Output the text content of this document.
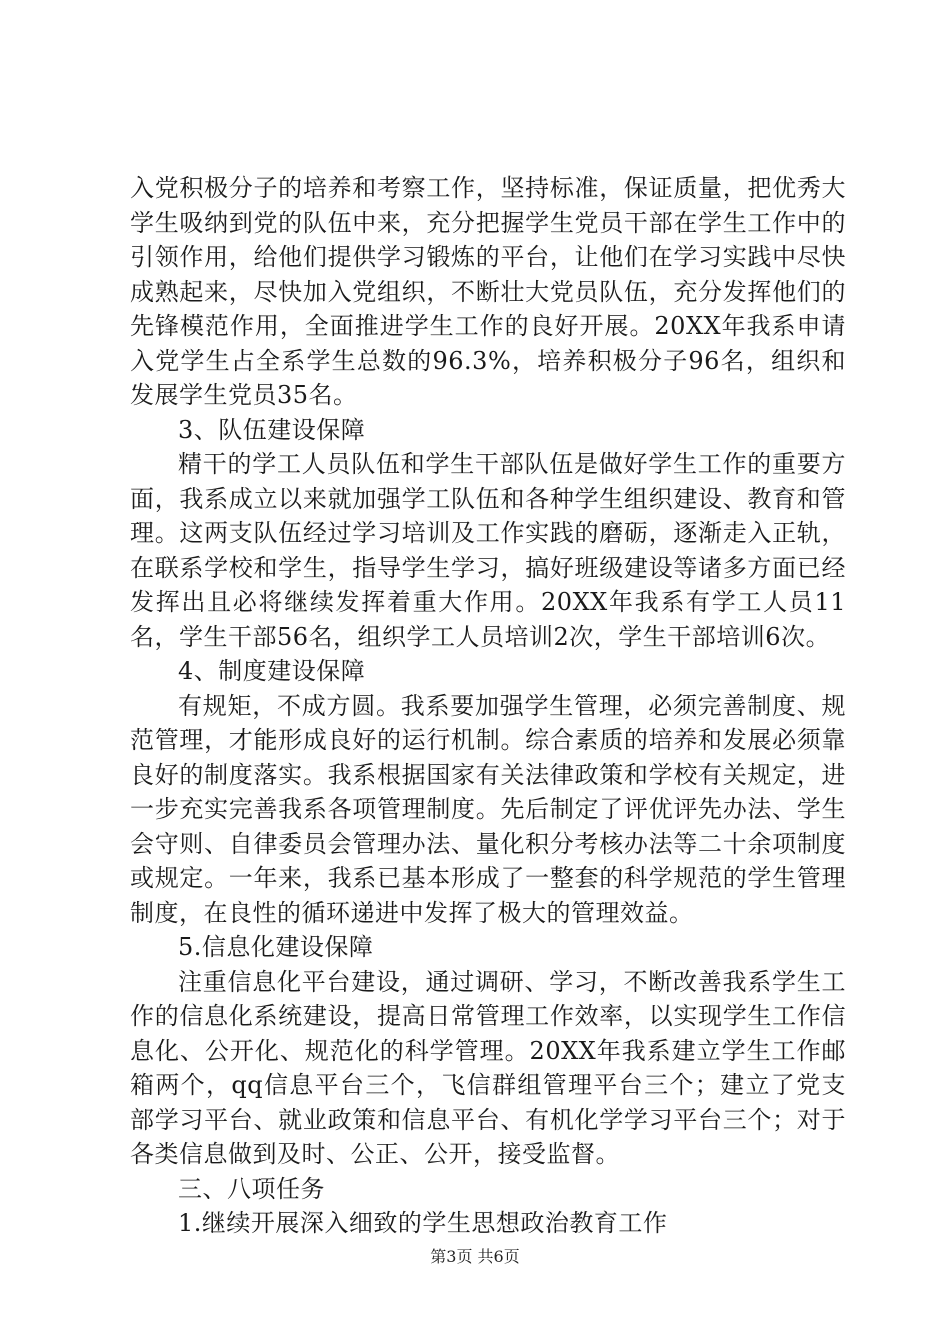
入党积极分子的培养和考察工作，坚持标准，保证质量，把优秀大学生吸纳到党的队伍中来，充分把握学生党员干部在学生工作中的引领作用，给他们提供学习锻炼的平台，让他们在学习实践中尽快成熟起来，尽快加入党组织，不断壮大党员队伍，充分发挥他们的先锋模范作用，全面推进学生工作的良好开展。20XX年我系申请入党学生占全系学生总数的96.3%，培养积极分子96名，组织和发展学生党员35名。

3、队伍建设保障

精干的学工人员队伍和学生干部队伍是做好学生工作的重要方面，我系成立以来就加强学工队伍和各种学生组织建设、教育和管理。这两支队伍经过学习培训及工作实践的磨砺，逐渐走入正轨，在联系学校和学生，指导学生学习，搞好班级建设等诸多方面已经发挥出且必将继续发挥着重大作用。20XX年我系有学工人员11名，学生干部56名，组织学工人员培训2次，学生干部培训6次。

4、制度建设保障

有规矩，不成方圆。我系要加强学生管理，必须完善制度、规范管理，才能形成良好的运行机制。综合素质的培养和发展必须靠良好的制度落实。我系根据国家有关法律政策和学校有关规定，进一步充实完善我系各项管理制度。先后制定了评优评先办法、学生会守则、自律委员会管理办法、量化积分考核办法等二十余项制度或规定。一年来，我系已基本形成了一整套的科学规范的学生管理制度，在良性的循环递进中发挥了极大的管理效益。

5.信息化建设保障

注重信息化平台建设，通过调研、学习，不断改善我系学生工作的信息化系统建设，提高日常管理工作效率，以实现学生工作信息化、公开化、规范化的科学管理。20XX年我系建立学生工作邮箱两个，qq信息平台三个，飞信群组管理平台三个；建立了党支部学习平台、就业政策和信息平台、有机化学学习平台三个；对于各类信息做到及时、公正、公开，接受监督。

三、八项任务

1.继续开展深入细致的学生思想政治教育工作

第3页 共6页
